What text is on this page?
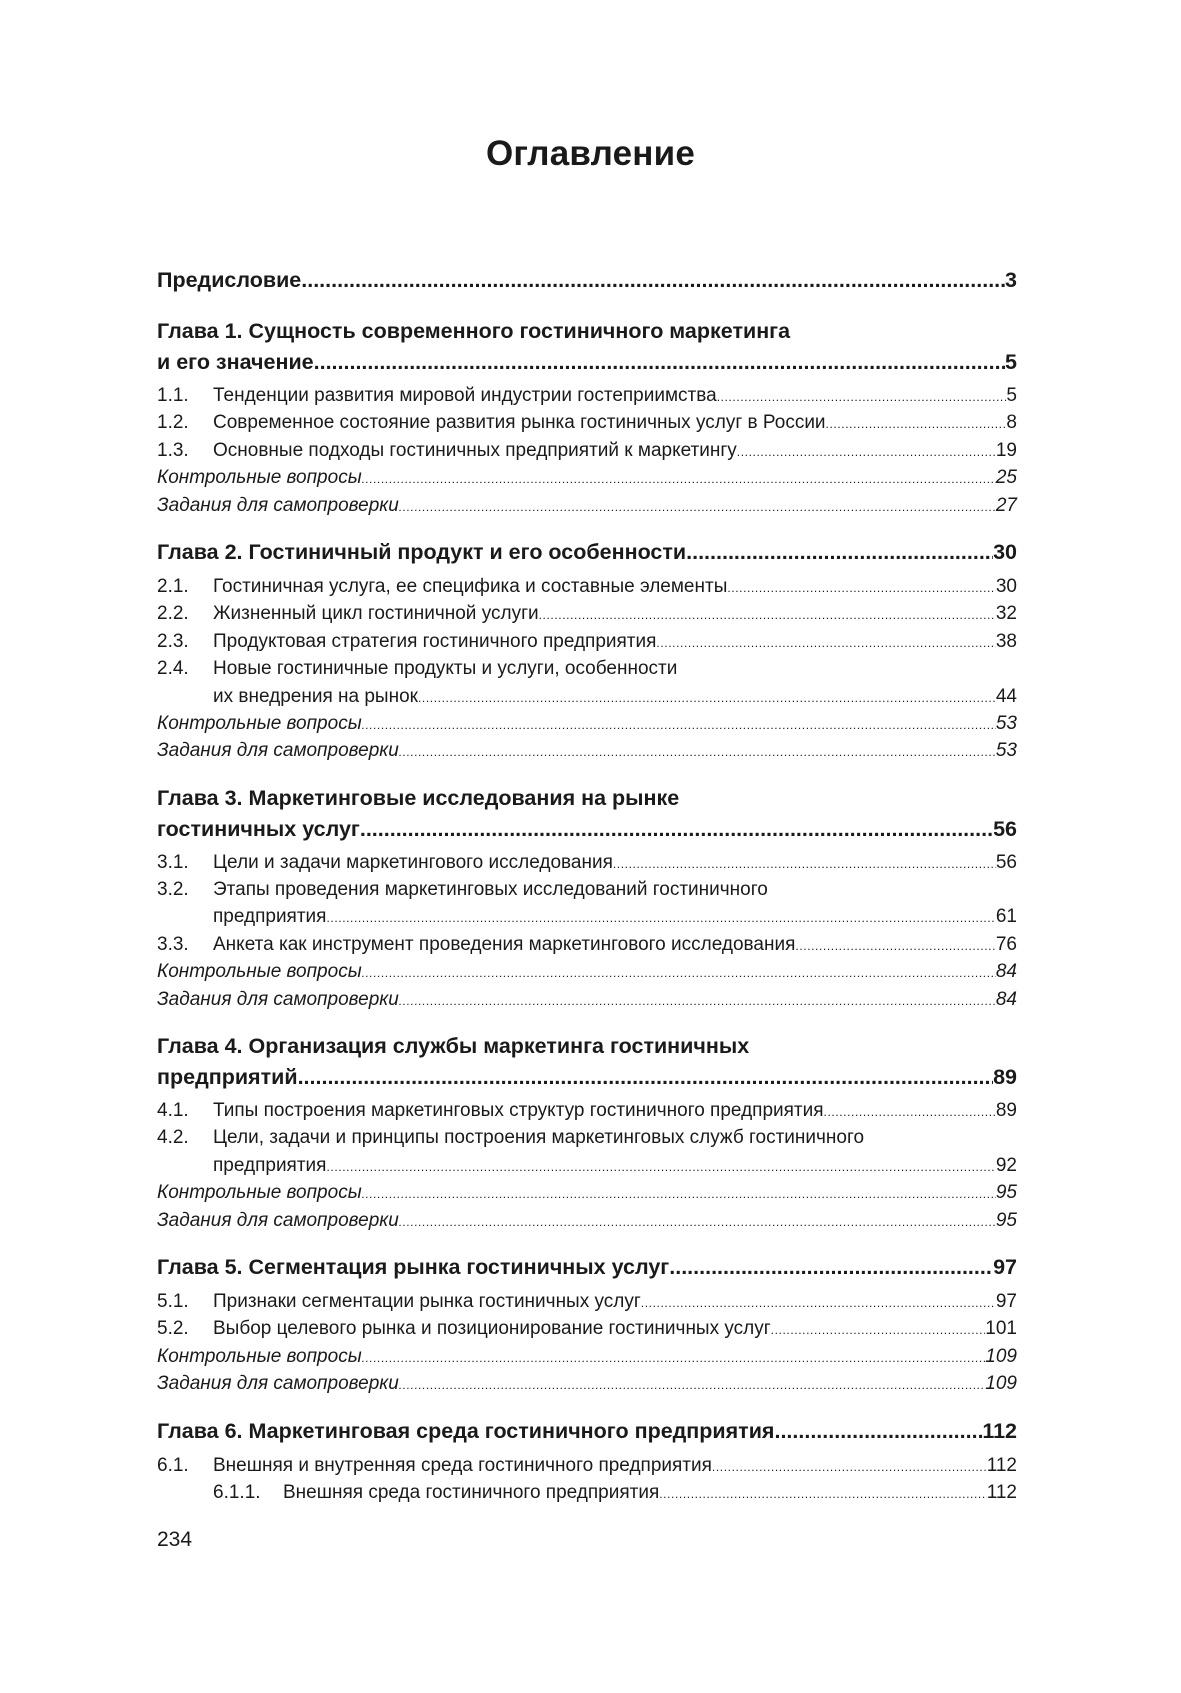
Оглавление
Предисловие .....	3
Глава 1. Сущность современного гостиничного маркетинга
и его значение .....	5
1.1.	Тенденции развития мировой индустрии гостеприимства .....	5
1.2.	Современное состояние развития рынка гостиничных услуг в России .....	8
1.3.	Основные подходы гостиничных предприятий к маркетингу .....	19
Контрольные вопросы .....	25
Задания для самопроверки .....	27
Глава 2. Гостиничный продукт и его особенности .....	30
2.1.	Гостиничная услуга, ее специфика и составные элементы .....	30
2.2.	Жизненный цикл гостиничной услуги .....	32
2.3.	Продуктовая стратегия гостиничного предприятия .....	38
2.4.	Новые гостиничные продукты и услуги, особенности
их внедрения на рынок .....	44
Контрольные вопросы .....	53
Задания для самопроверки .....	53
Глава 3. Маркетинговые исследования на рынке
гостиничных услуг .....	56
3.1.	Цели и задачи маркетингового исследования .....	56
3.2.	Этапы проведения маркетинговых исследований гостиничного
предприятия .....	61
3.3.	Анкета как инструмент проведения маркетингового исследования .....	76
Контрольные вопросы .....	84
Задания для самопроверки .....	84
Глава 4. Организация службы маркетинга гостиничных
предприятий .....	89
4.1.	Типы построения маркетинговых структур гостиничного предприятия .....	89
4.2.	Цели, задачи и принципы построения маркетинговых служб гостиничного
предприятия .....	92
Контрольные вопросы .....	95
Задания для самопроверки .....	95
Глава 5. Сегментация рынка гостиничных услуг .....	97
5.1.	Признаки сегментации рынка гостиничных услуг .....	97
5.2.	Выбор целевого рынка и позиционирование гостиничных услуг .....	101
Контрольные вопросы .....	109
Задания для самопроверки .....	109
Глава 6. Маркетинговая среда гостиничного предприятия .....	112
6.1.	Внешняя и внутренняя среда гостиничного предприятия .....	112
6.1.1.	Внешняя среда гостиничного предприятия .....	112
234
